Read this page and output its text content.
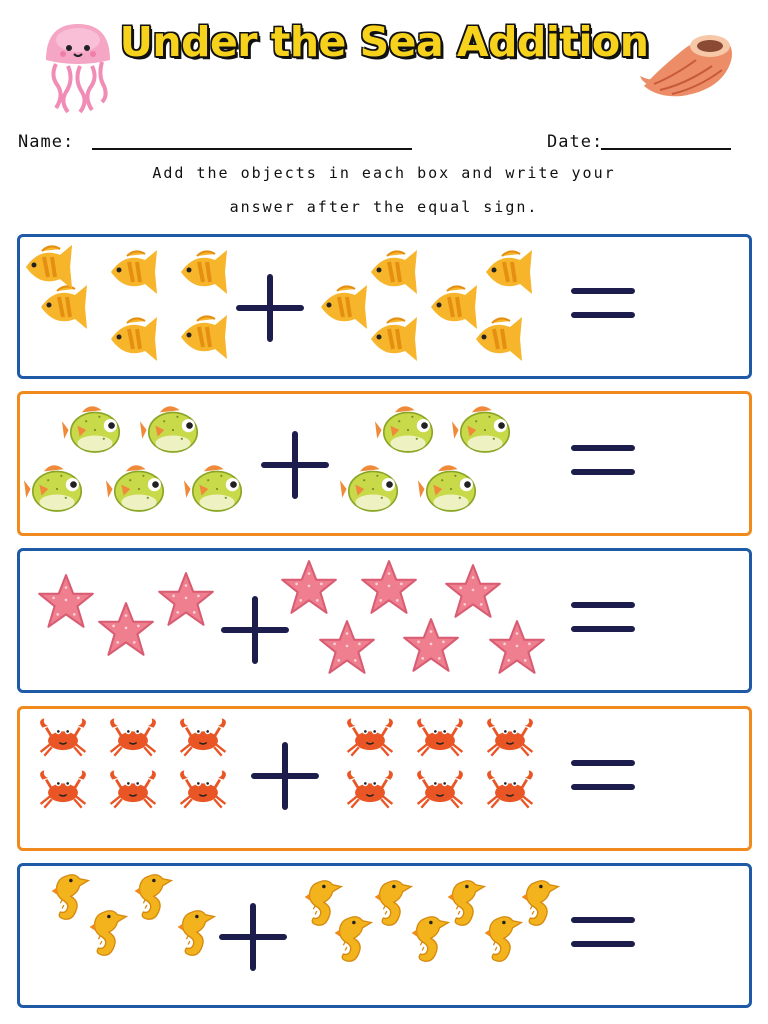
Under the Sea Addition
Name:	Date:
Add the objects in each box and write your
answer after the equal sign.
